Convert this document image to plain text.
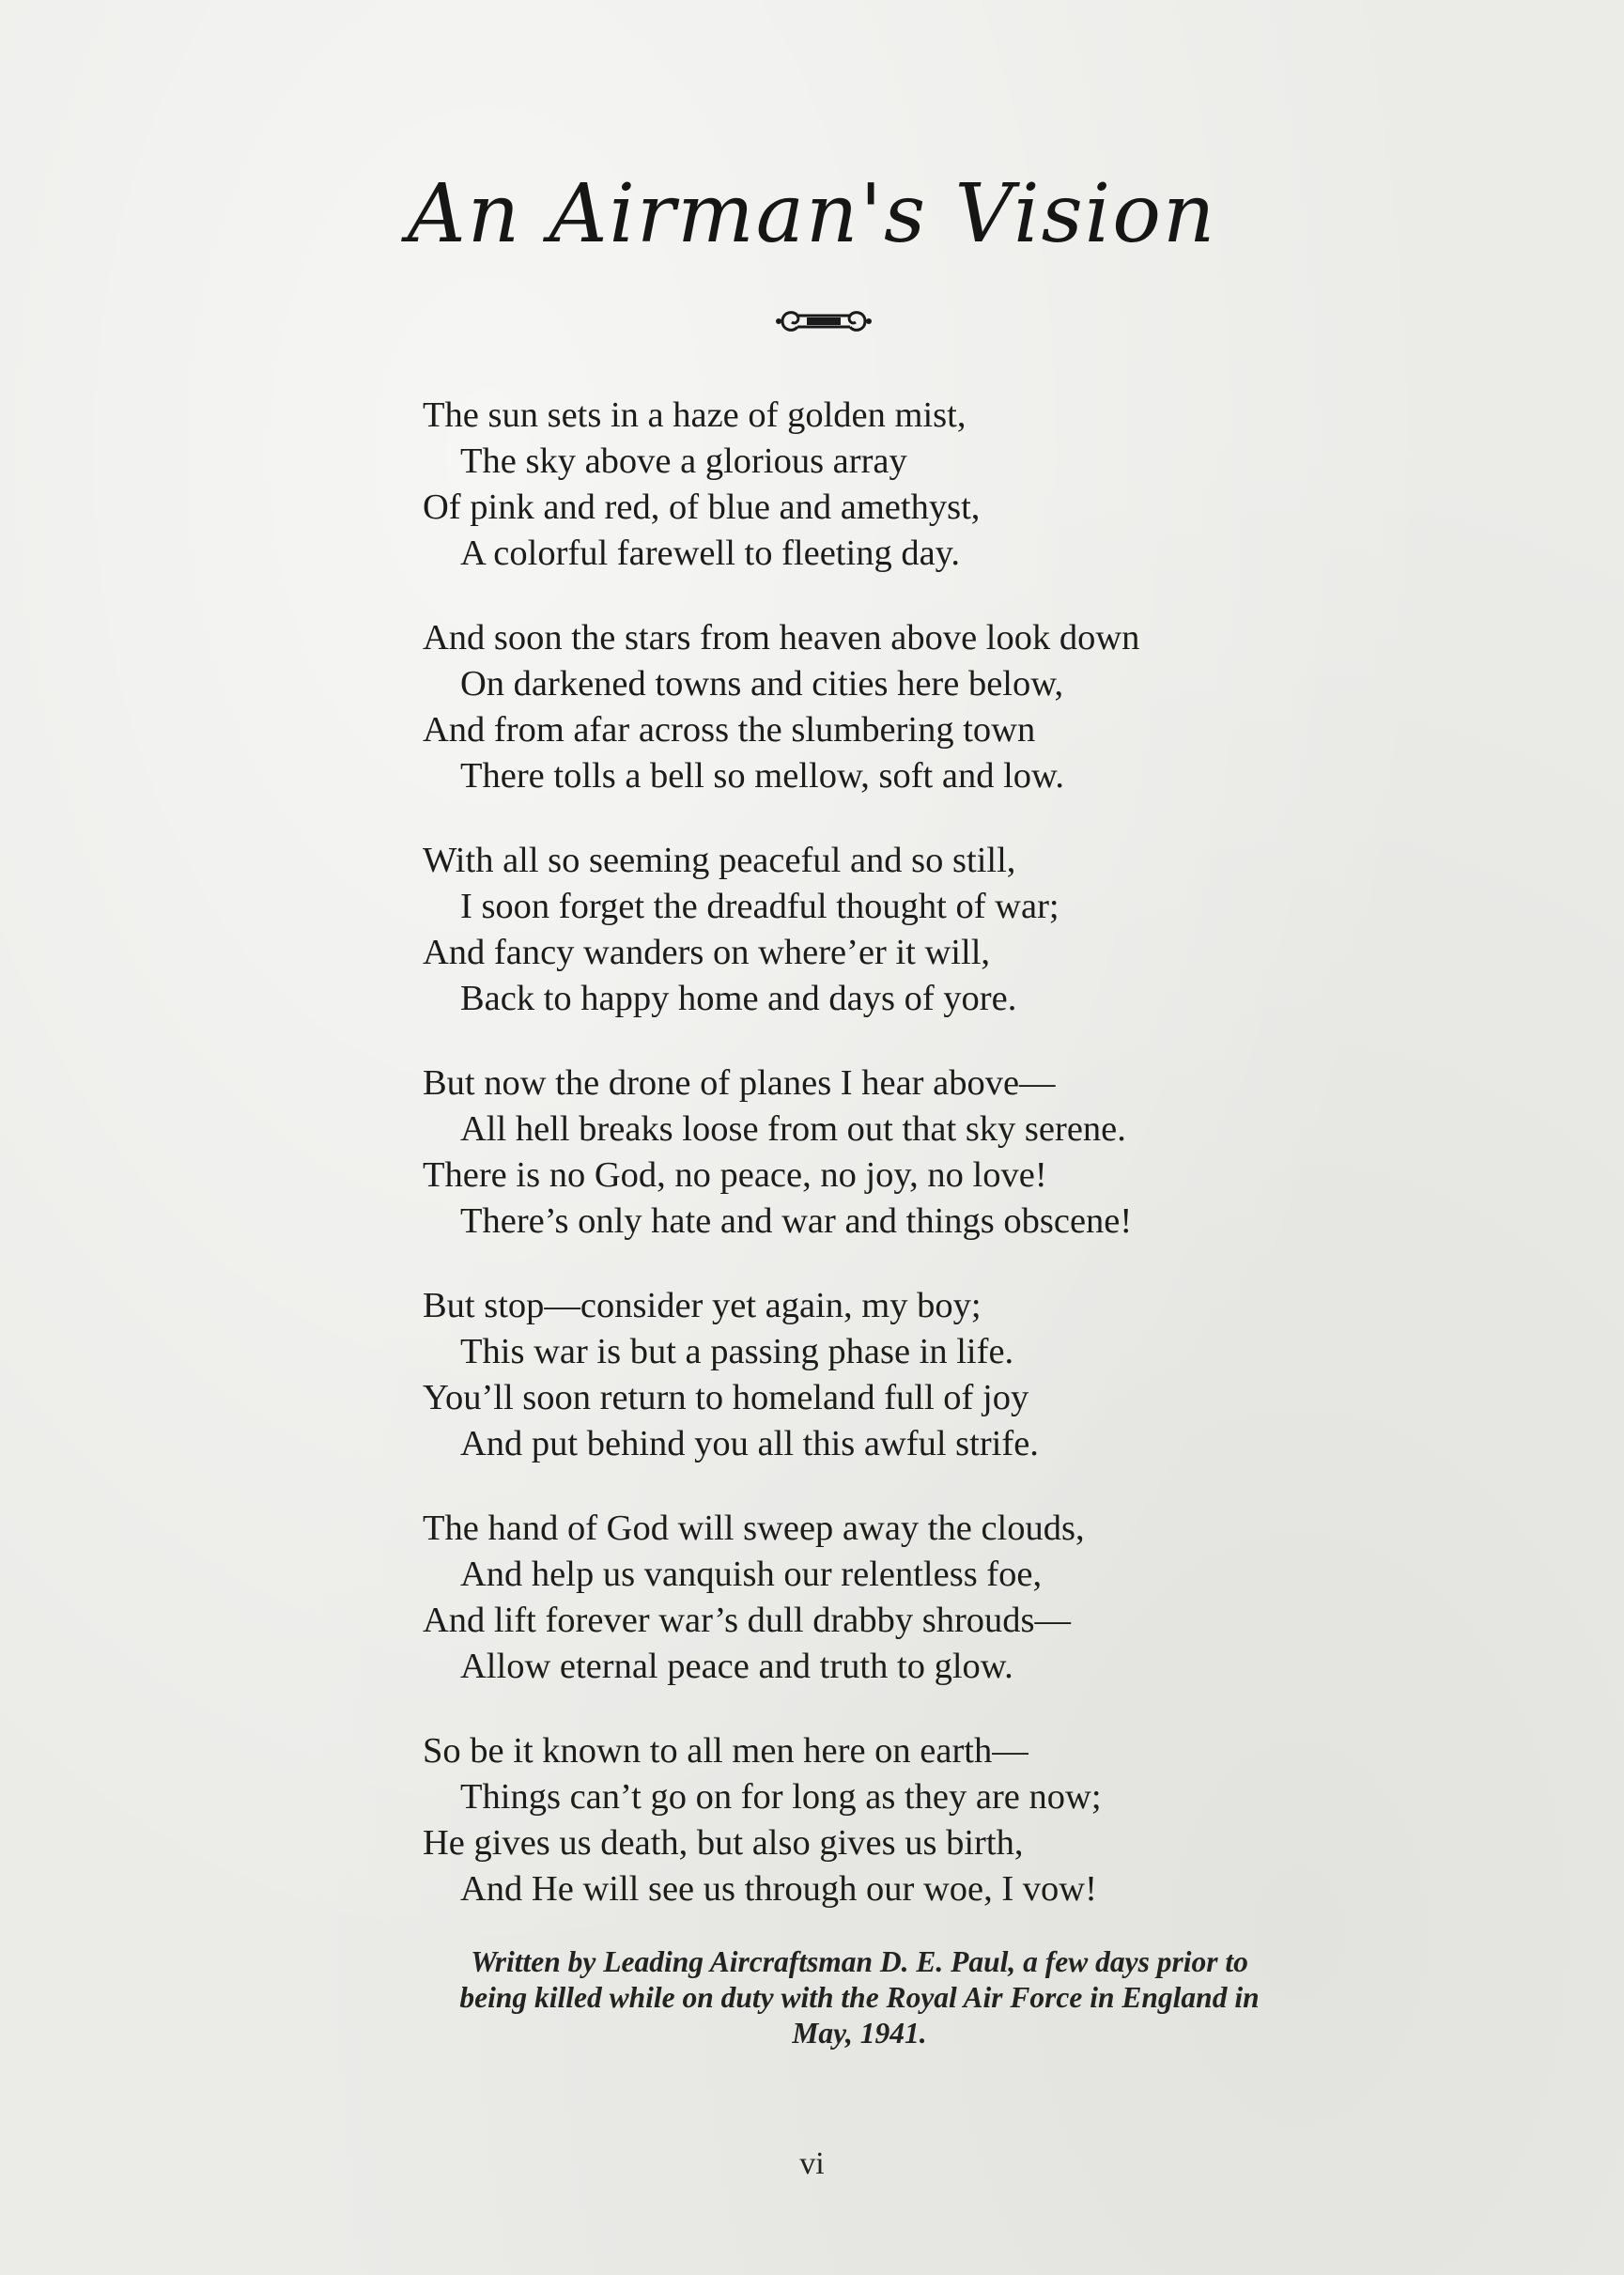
An Airman's Vision
The sun sets in a haze of golden mist,
The sky above a glorious array
Of pink and red, of blue and amethyst,
A colorful farewell to fleeting day.
And soon the stars from heaven above look down
On darkened towns and cities here below,
And from afar across the slumbering town
There tolls a bell so mellow, soft and low.
With all so seeming peaceful and so still,
I soon forget the dreadful thought of war;
And fancy wanders on where’er it will,
Back to happy home and days of yore.
But now the drone of planes I hear above—
All hell breaks loose from out that sky serene.
There is no God, no peace, no joy, no love!
There’s only hate and war and things obscene!
But stop—consider yet again, my boy;
This war is but a passing phase in life.
You’ll soon return to homeland full of joy
And put behind you all this awful strife.
The hand of God will sweep away the clouds,
And help us vanquish our relentless foe,
And lift forever war’s dull drabby shrouds—
Allow eternal peace and truth to glow.
So be it known to all men here on earth—
Things can’t go on for long as they are now;
He gives us death, but also gives us birth,
And He will see us through our woe, I vow!
Written by Leading Aircraftsman D. E. Paul, a few days prior to
being killed while on duty with the Royal Air Force in England in
May, 1941.
vi
